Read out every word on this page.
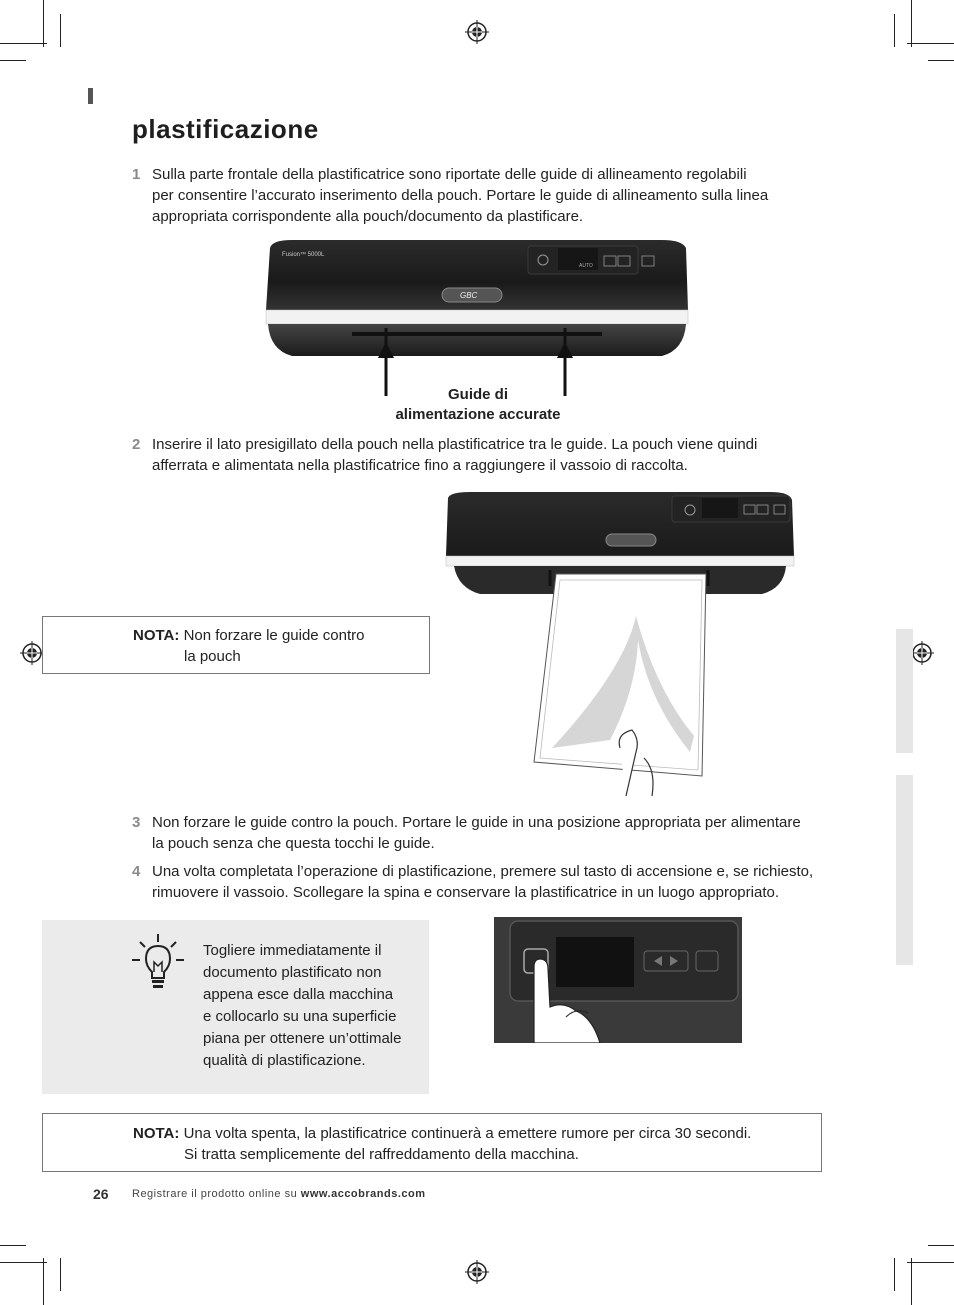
plastificazione
1 Sulla parte frontale della plastificatrice sono riportate delle guide di allineamento regolabili
per consentire l’accurato inserimento della pouch. Portare le guide di allineamento sulla linea
appropriata corrispondente alla pouch/documento da plastificare.
Fusion™ 5000L
AUTO
GBC
Guide di
alimentazione accurate
2 Inserire il lato presigillato della pouch nella plastificatrice tra le guide. La pouch viene quindi
afferrata e alimentata nella plastificatrice fino a raggiungere il vassoio di raccolta.
NOTA: Non forzare le guide contro
la pouch
3 Non forzare le guide contro la pouch. Portare le guide in una posizione appropriata per alimentare
la pouch senza che questa tocchi le guide.
4 Una volta completata l’operazione di plastificazione, premere sul tasto di accensione e, se richiesto,
rimuovere il vassoio. Scollegare la spina e conservare la plastificatrice in un luogo appropriato.
Togliere immediatamente il
documento plastificato non
appena esce dalla macchina
e collocarlo su una superficie
piana per ottenere un’ottimale
qualità di plastificazione.
NOTA: Una volta spenta, la plastificatrice continuerà a emettere rumore per circa 30 secondi.
Si tratta semplicemente del raffreddamento della macchina.
26 Registrare il prodotto online su www.accobrands.com
